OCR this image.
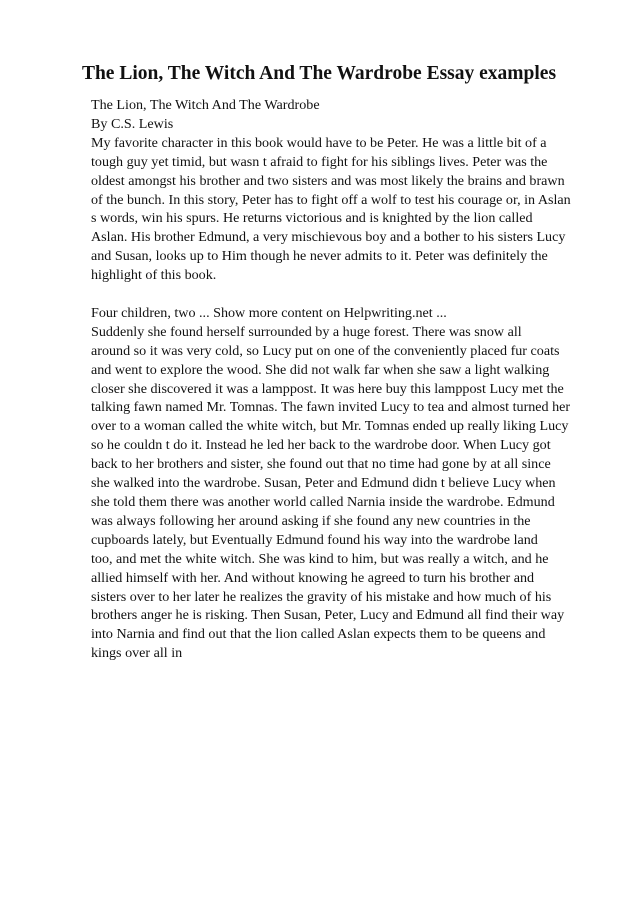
The Lion, The Witch And The Wardrobe Essay examples
The Lion, The Witch And The Wardrobe
By C.S. Lewis
My favorite character in this book would have to be Peter. He was a little bit of a
tough guy yet timid, but wasn t afraid to fight for his siblings lives. Peter was the
oldest amongst his brother and two sisters and was most likely the brains and brawn
of the bunch. In this story, Peter has to fight off a wolf to test his courage or, in Aslan
s words, win his spurs. He returns victorious and is knighted by the lion called
Aslan. His brother Edmund, a very mischievous boy and a bother to his sisters Lucy
and Susan, looks up to Him though he never admits to it. Peter was definitely the
highlight of this book.
Four children, two ... Show more content on Helpwriting.net ...
Suddenly she found herself surrounded by a huge forest. There was snow all
around so it was very cold, so Lucy put on one of the conveniently placed fur coats
and went to explore the wood. She did not walk far when she saw a light walking
closer she discovered it was a lamppost. It was here buy this lamppost Lucy met the
talking fawn named Mr. Tomnas. The fawn invited Lucy to tea and almost turned her
over to a woman called the white witch, but Mr. Tomnas ended up really liking Lucy
so he couldn t do it. Instead he led her back to the wardrobe door. When Lucy got
back to her brothers and sister, she found out that no time had gone by at all since
she walked into the wardrobe. Susan, Peter and Edmund didn t believe Lucy when
she told them there was another world called Narnia inside the wardrobe. Edmund
was always following her around asking if she found any new countries in the
cupboards lately, but Eventually Edmund found his way into the wardrobe land
too, and met the white witch. She was kind to him, but was really a witch, and he
allied himself with her. And without knowing he agreed to turn his brother and
sisters over to her later he realizes the gravity of his mistake and how much of his
brothers anger he is risking. Then Susan, Peter, Lucy and Edmund all find their way
into Narnia and find out that the lion called Aslan expects them to be queens and
kings over all in
